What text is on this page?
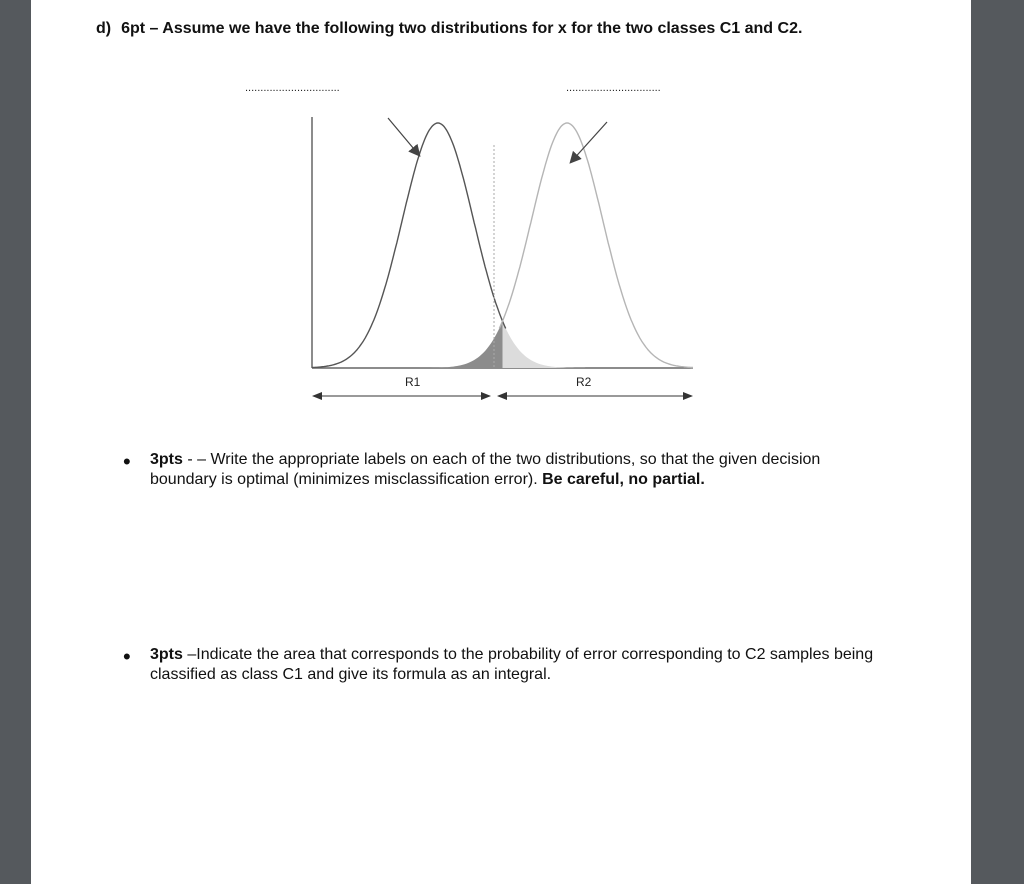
d) 6pt – Assume we have the following two distributions for x for the two classes C1 and C2.
...............................	...............................
R1	R2
• 3pts - – Write the appropriate labels on each of the two distributions, so that the given decision boundary is optimal (minimizes misclassification error). Be careful, no partial.
• 3pts –Indicate the area that corresponds to the probability of error corresponding to C2 samples being classified as class C1 and give its formula as an integral.
